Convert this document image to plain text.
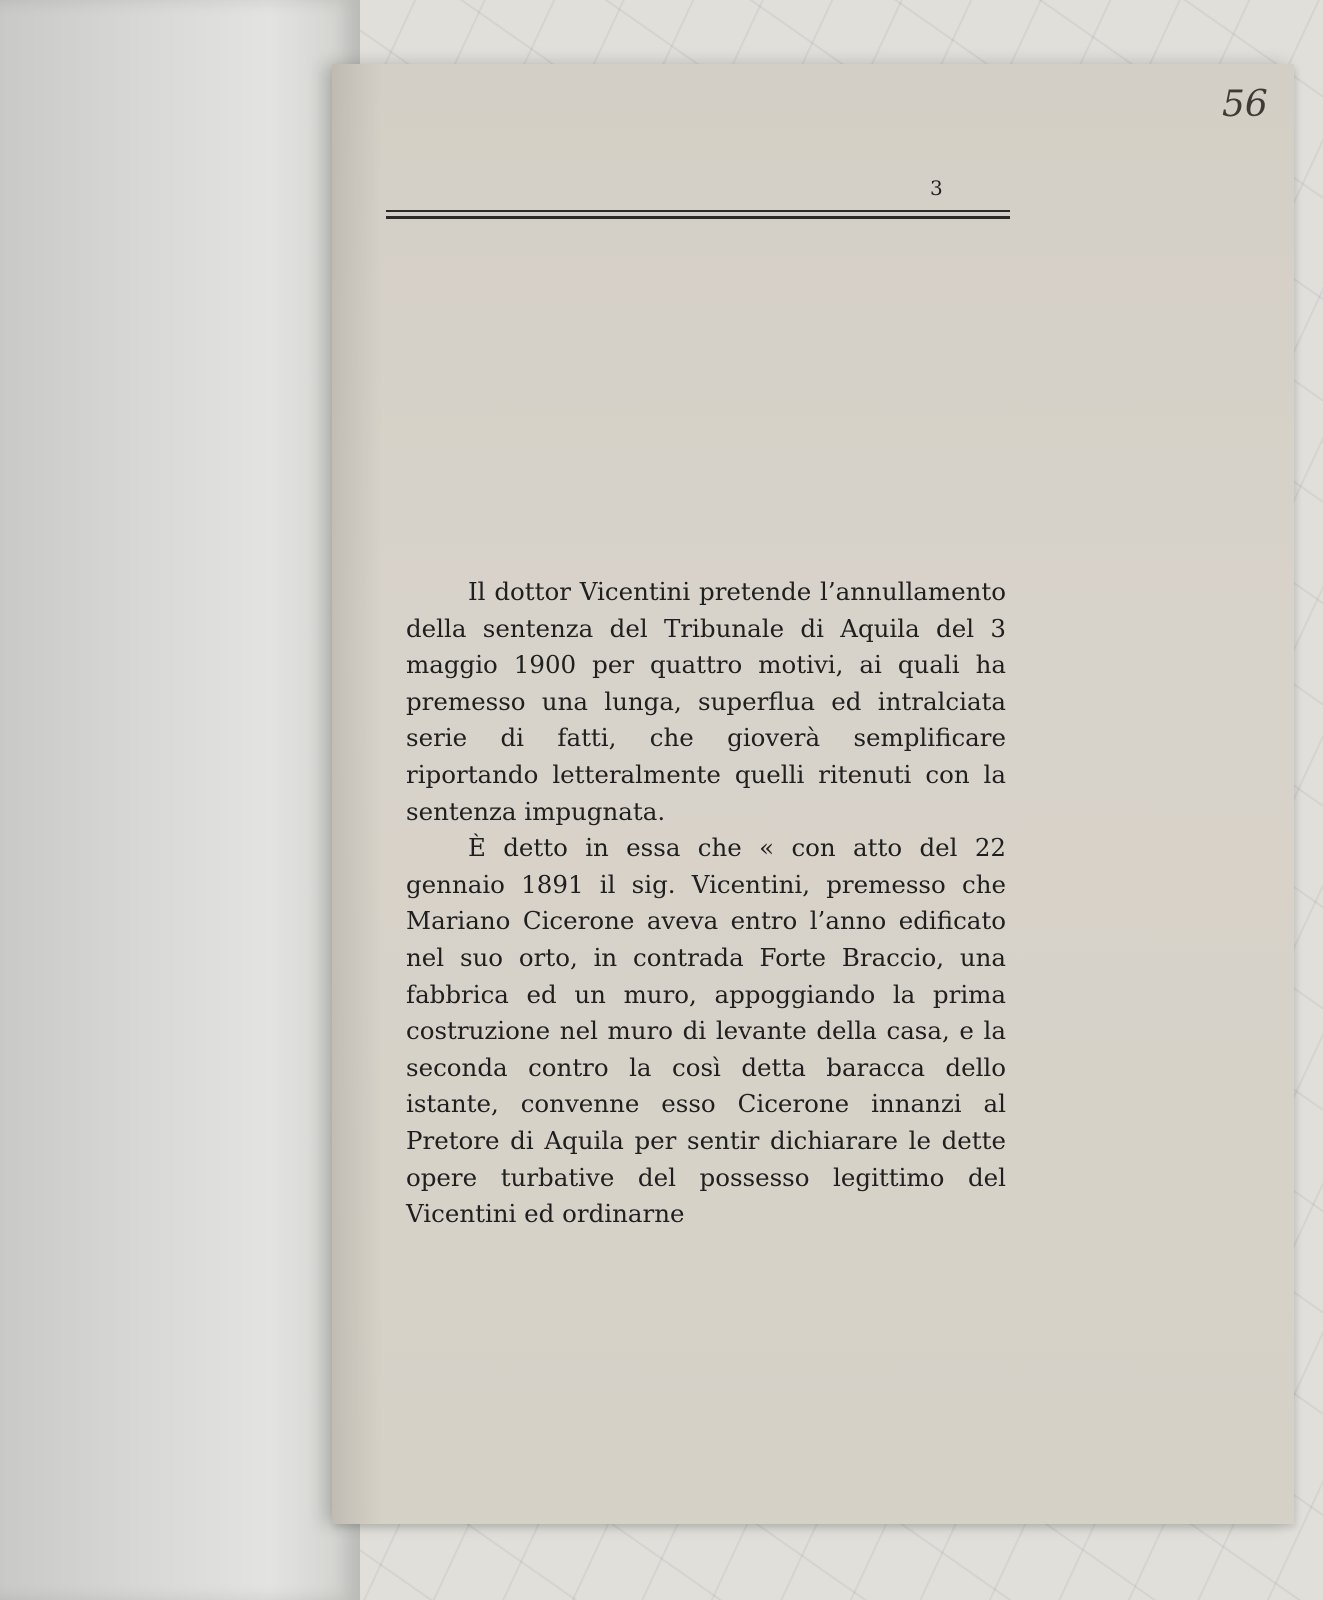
56
3

Il dottor Vicentini pretende l’annullamento della sentenza del Tribunale di Aquila del 3 maggio 1900 per quattro motivi, ai quali ha premesso una lunga, superflua ed intralciata serie di fatti, che gioverà semplificare riportando letteralmente quelli ritenuti con la sentenza impugnata.

È detto in essa che « con atto del 22 gennaio 1891 il sig. Vicentini, premesso che Mariano Cicerone aveva entro l’anno edificato nel suo orto, in contrada Forte Braccio, una fabbrica ed un muro, appoggiando la prima costruzione nel muro di levante della casa, e la seconda contro la così detta baracca dello istante, convenne esso Cicerone innanzi al Pretore di Aquila per sentir dichiarare le dette opere turbative del possesso legittimo del Vicentini ed ordinarne
